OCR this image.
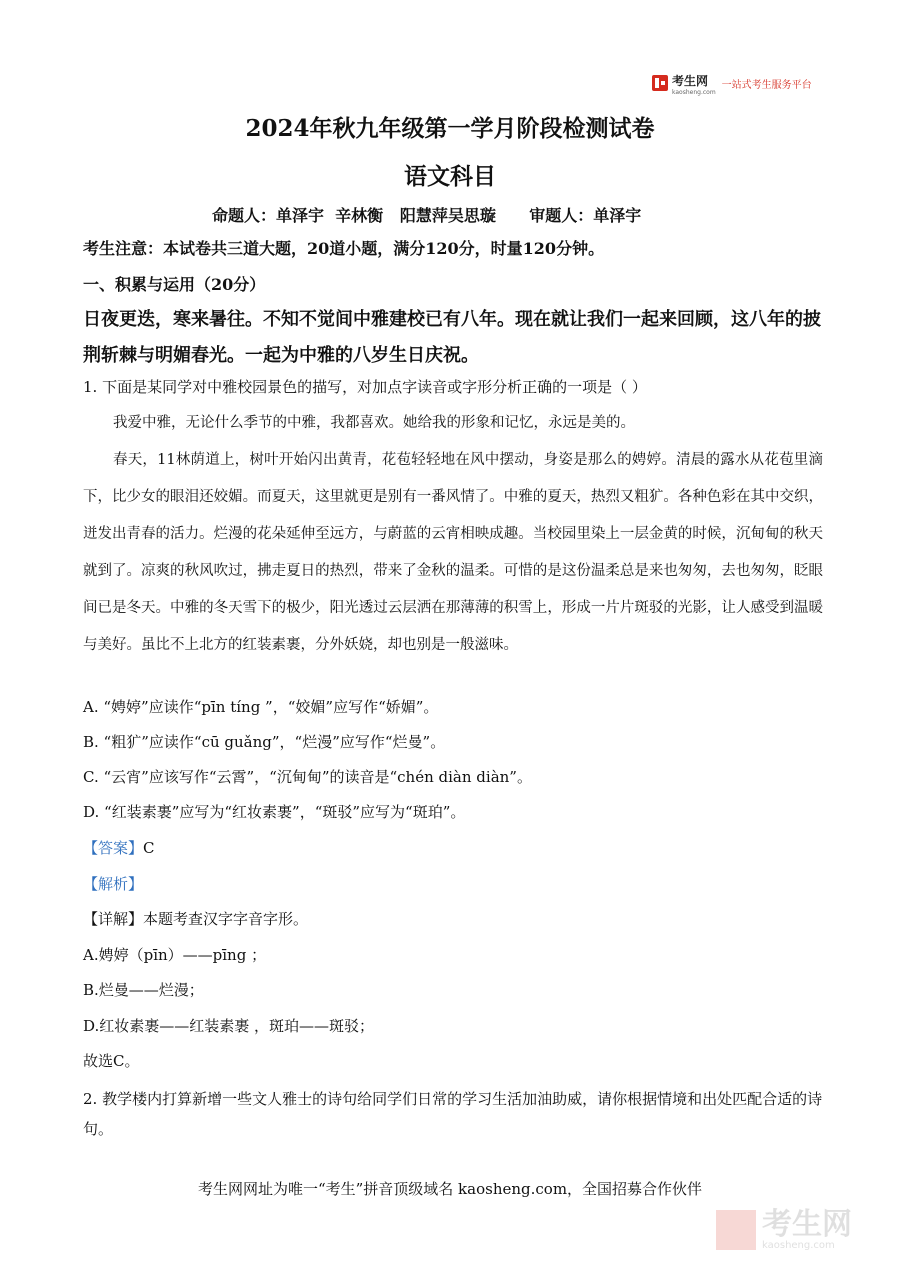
考生网
kaosheng.com
一站式考生服务平台
2024年秋九年级第一学月阶段检测试卷
语文科目
命题人：单泽宇  辛林衡   阳慧萍吴思璇      审题人：单泽宇
考生注意：本试卷共三道大题，20道小题，满分120分，时量120分钟。
一、积累与运用（20分）
日夜更迭，寒来暑往。不知不觉间中雅建校已有八年。现在就让我们一起来回顾，这八年的披荆斩棘与明媚春光。一起为中雅的八岁生日庆祝。
1. 下面是某同学对中雅校园景色的描写，对加点字读音或字形分析正确的一项是（ ）

我爱中雅，无论什么季节的中雅，我都喜欢。她给我的形象和记忆，永远是美的。

春天，11林荫道上，树叶开始闪出黄青，花苞轻轻地在风中摆动，身姿是那么的娉婷。清晨的露水从花苞里滴下，比少女的眼泪还姣媚。而夏天，这里就更是别有一番风情了。中雅的夏天，热烈又粗犷。各种色彩在其中交织，迸发出青春的活力。烂漫的花朵延伸至远方，与蔚蓝的云宵相映成趣。当校园里染上一层金黄的时候，沉甸甸的秋天就到了。凉爽的秋风吹过，拂走夏日的热烈，带来了金秋的温柔。可惜的是这份温柔总是来也匆匆，去也匆匆，眨眼间已是冬天。中雅的冬天雪下的极少，阳光透过云层洒在那薄薄的积雪上，形成一片片斑驳的光影，让人感受到温暖与美好。虽比不上北方的红装素裹，分外妖娆，却也别是一般滋味。

A. “娉婷”应读作“pīn tíng ”，“姣媚”应写作“娇媚”。
B. “粗犷”应读作“cū guǎng”，“烂漫”应写作“烂曼”。
C. “云宵”应该写作“云霄”，“沉甸甸”的读音是“chén diàn diàn”。
D. “红装素裹”应写为“红妆素裹”，“斑驳”应写为“斑珀”。
【答案】C
【解析】
【详解】本题考查汉字字音字形。
A.娉婷（pīn）——pīng ；
B.烂曼——烂漫；
D.红妆素裹——红装素裹 ，斑珀——斑驳；
故选C。
2. 教学楼内打算新增一些文人雅士的诗句给同学们日常的学习生活加油助威，请你根据情境和出处匹配合适的诗句。
考生网网址为唯一“考生”拼音顶级域名 kaosheng.com，全国招募合作伙伴
考生网
kaosheng.com
